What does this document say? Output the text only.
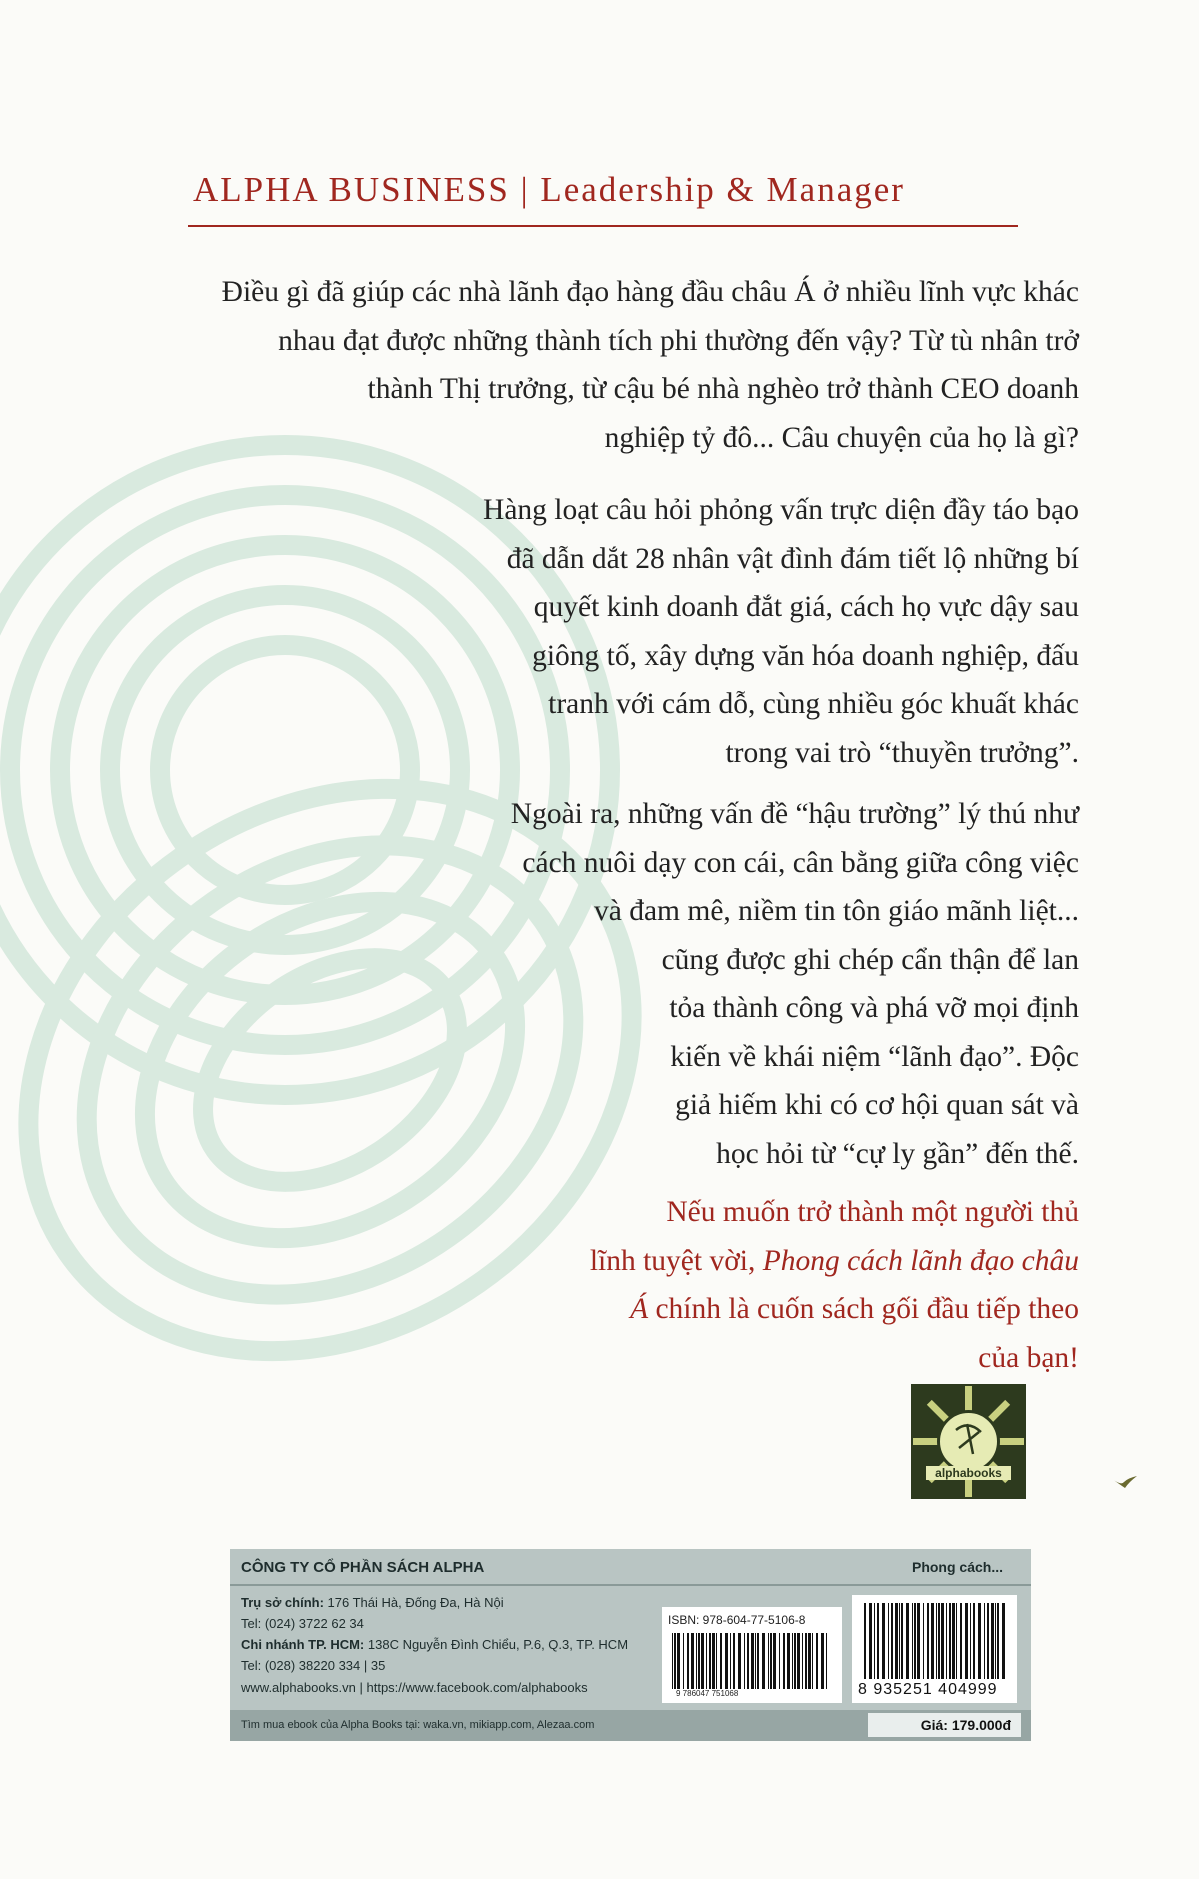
ALPHA BUSINESS | Leadership & Manager

Điều gì đã giúp các nhà lãnh đạo hàng đầu châu Á ở nhiều lĩnh vực khác
nhau đạt được những thành tích phi thường đến vậy? Từ tù nhân trở
thành Thị trưởng, từ cậu bé nhà nghèo trở thành CEO doanh
nghiệp tỷ đô... Câu chuyện của họ là gì?

Hàng loạt câu hỏi phỏng vấn trực diện đầy táo bạo
đã dẫn dắt 28 nhân vật đình đám tiết lộ những bí
quyết kinh doanh đắt giá, cách họ vực dậy sau
giông tố, xây dựng văn hóa doanh nghiệp, đấu
tranh với cám dỗ, cùng nhiều góc khuất khác
trong vai trò “thuyền trưởng”.

Ngoài ra, những vấn đề “hậu trường” lý thú như
cách nuôi dạy con cái, cân bằng giữa công việc
và đam mê, niềm tin tôn giáo mãnh liệt...
cũng được ghi chép cẩn thận để lan
tỏa thành công và phá vỡ mọi định
kiến về khái niệm “lãnh đạo”. Độc
giả hiếm khi có cơ hội quan sát và
học hỏi từ “cự ly gần” đến thế.

Nếu muốn trở thành một người thủ
lĩnh tuyệt vời, Phong cách lãnh đạo châu
Á chính là cuốn sách gối đầu tiếp theo
của bạn!

alphabooks
CÔNG TY CỔ PHẦN SÁCH ALPHA	Phong cách...
Trụ sở chính: 176 Thái Hà, Đống Đa, Hà Nội
Tel: (024) 3722 62 34
Chi nhánh TP. HCM: 138C Nguyễn Đình Chiểu, P.6, Q.3, TP. HCM
Tel: (028) 38220 334 | 35
www.alphabooks.vn | https://www.facebook.com/alphabooks
ISBN: 978-604-77-5106-8
9 786047 751068	8 935251 404999
Tìm mua ebook của Alpha Books tại: waka.vn, mikiapp.com, Alezaa.com	Giá: 179.000đ
